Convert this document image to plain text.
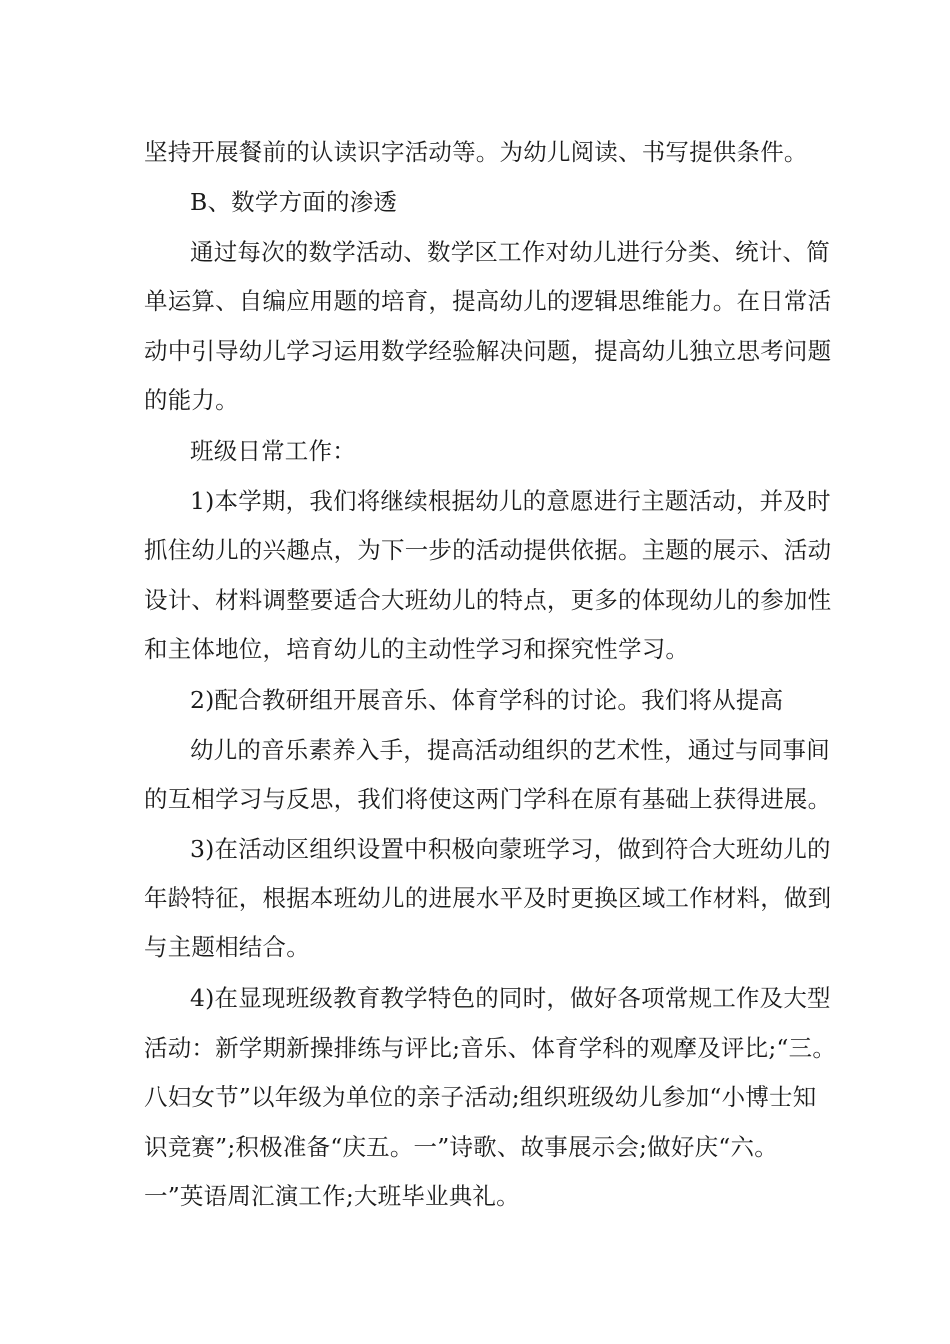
坚持开展餐前的认读识字活动等。为幼儿阅读、书写提供条件。
B、数学方面的渗透
通过每次的数学活动、数学区工作对幼儿进行分类、统计、简
单运算、自编应用题的培育，提高幼儿的逻辑思维能力。在日常活
动中引导幼儿学习运用数学经验解决问题，提高幼儿独立思考问题
的能力。
班级日常工作：
1)本学期，我们将继续根据幼儿的意愿进行主题活动，并及时
抓住幼儿的兴趣点，为下一步的活动提供依据。主题的展示、活动
设计、材料调整要适合大班幼儿的特点，更多的体现幼儿的参加性
和主体地位，培育幼儿的主动性学习和探究性学习。
2)配合教研组开展音乐、体育学科的讨论。我们将从提高
幼儿的音乐素养入手，提高活动组织的艺术性，通过与同事间
的互相学习与反思，我们将使这两门学科在原有基础上获得进展。
3)在活动区组织设置中积极向蒙班学习，做到符合大班幼儿的
年龄特征，根据本班幼儿的进展水平及时更换区域工作材料，做到
与主题相结合。
4)在显现班级教育教学特色的同时，做好各项常规工作及大型
活动：新学期新操排练与评比;音乐、体育学科的观摩及评比;“三。
八妇女节”以年级为单位的亲子活动;组织班级幼儿参加“小博士知
识竞赛”;积极准备“庆五。一”诗歌、故事展示会;做好庆“六。
一”英语周汇演工作;大班毕业典礼。
